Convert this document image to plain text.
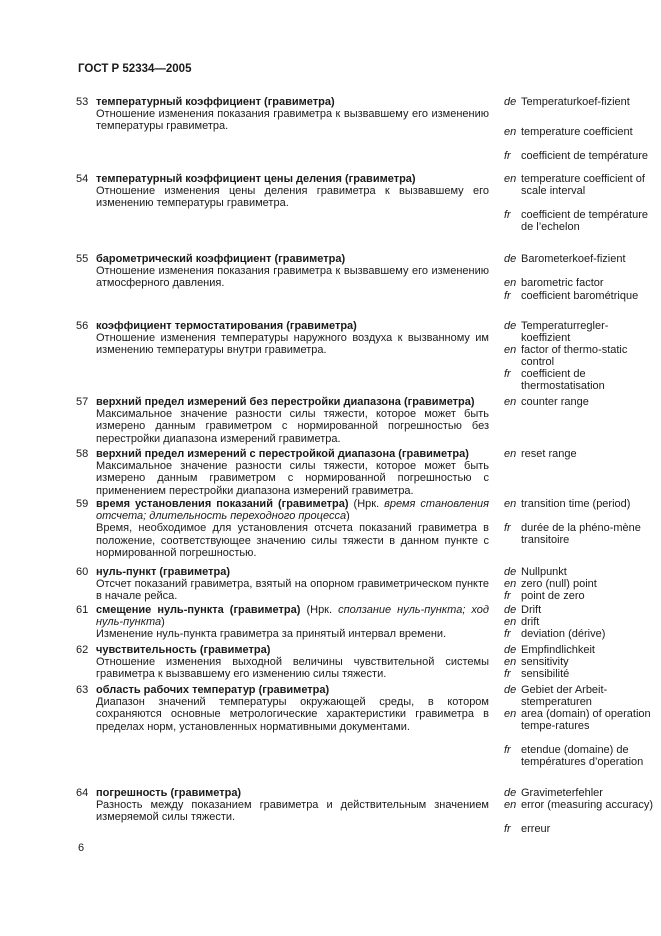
ГОСТ Р 52334—2005
53 температурный коэффициент (гравиметра)
Отношение изменения показания гравиметра к вызвавшему его изменению температуры гравиметра.
de Temperaturkoef-fizient
en temperature coefficient
fr coefficient de température
54 температурный коэффициент цены деления (гравиметра)
Отношение изменения цены деления гравиметра к вызвавшему его изменению температуры гравиметра.
en temperature coefficient of scale interval
fr coefficient de température de l’echelon
55 барометрический коэффициент (гравиметра)
Отношение изменения показания гравиметра к вызвавшему его изменению атмосферного давления.
de Barometerkoef-fizient
en barometric factor
fr coefficient barométrique
56 коэффициент термостатирования (гравиметра)
Отношение изменения температуры наружного воздуха к вызванному им изменению температуры внутри гравиметра.
de Temperaturregler-koeffizient
en factor of thermo-static control
fr coefficient de thermostatisation
57 верхний предел измерений без перестройки диапазона (гравиметра)
Максимальное значение разности силы тяжести, которое может быть измерено данным гравиметром с нормированной погрешностью без перестройки диапазона измерений гравиметра.
en counter range
58 верхний предел измерений с перестройкой диапазона (гравиметра)
Максимальное значение разности силы тяжести, которое может быть измерено данным гравиметром с нормированной погрешностью с применением перестройки диапазона измерений гравиметра.
en reset range
59 время установления показаний (гравиметра) (Нрк. время становления отсчета; длительность переходного процесса)
Время, необходимое для установления отсчета показаний гравиметра в положение, соответствующее значению силы тяжести в данном пункте с нормированной погрешностью.
en transition time (period)
fr durée de la phéno-mène transitoire
60 нуль-пункт (гравиметра)
Отсчет показаний гравиметра, взятый на опорном гравиметрическом пункте в начале рейса.
de Nullpunkt
en zero (null) point
fr point de zero
61 смещение нуль-пункта (гравиметра) (Нрк. сползание нуль-пункта; ход нуль-пункта)
Изменение нуль-пункта гравиметра за принятый интервал времени.
de Drift
en drift
fr deviation (dérive)
62 чувствительность (гравиметра)
Отношение изменения выходной величины чувствительной системы гравиметра к вызвавшему его изменению силы тяжести.
de Empfindlichkeit
en sensitivity
fr sensibilité
63 область рабочих температур (гравиметра)
Диапазон значений температуры окружающей среды, в котором сохраняются основные метрологические характеристики гравиметра в пределах норм, установленных нормативными документами.
de Gebiet der Arbeit-stemperaturen
en area (domain) of operation tempe-ratures
fr etendue (domaine) de températures d’operation
64 погрешность (гравиметра)
Разность между показанием гравиметра и действительным значением измеряемой силы тяжести.
de Gravimeterfehler
en error (measuring accuracy)
fr erreur
6
